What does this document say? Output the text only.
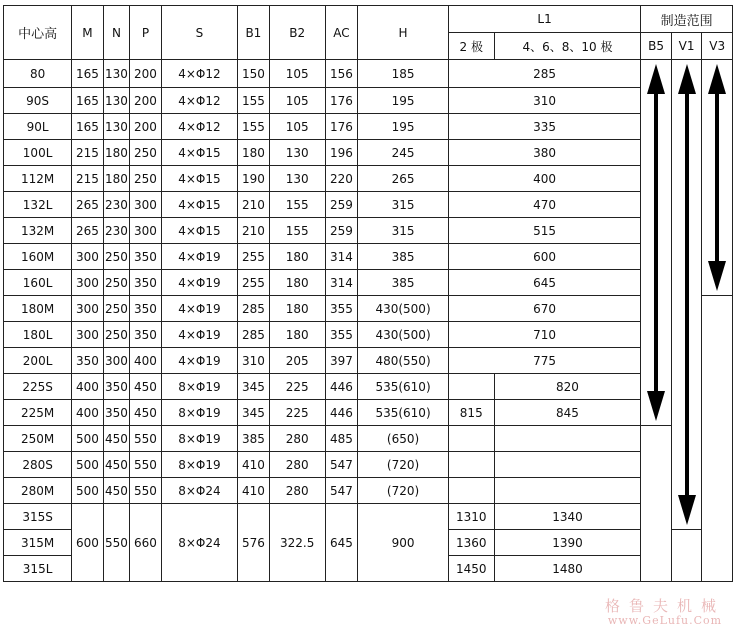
中心高	M	N	P	S	B1	B2	AC	H	L1		制造范围		
									2 极	4、6、8、10 极	B5	V1	V3
80	165	130	200	4×Φ12	150	105	156	185	285	

90S	165	130	200	4×Φ12	155	105	176	195	310				
90L	165	130	200	4×Φ12	155	105	176	195	335				
100L	215	180	250	4×Φ15	180	130	196	245	380				
112M	215	180	250	4×Φ15	190	130	220	265	400				
132L	265	230	300	4×Φ15	210	155	259	315	470				
132M	265	230	300	4×Φ15	210	155	259	315	515				
160M	300	250	350	4×Φ19	255	180	314	385	600				
160L	300	250	350	4×Φ19	255	180	314	385	645				
180M	300	250	350	4×Φ19	285	180	355	430(500)	670				
180L	300	250	350	4×Φ19	285	180	355	430(500)	710				
200L	350	300	400	4×Φ19	310	205	397	480(550)	775				
225S	400	350	450	8×Φ19	345	225	446	535(610)		820			
225M	400	350	450	8×Φ19	345	225	446	535(610)	815	845			
250M	500	450	550	8×Φ19	385	280	485	(650)					
280S	500	450	550	8×Φ19	410	280	547	(720)					
280M	500	450	550	8×Φ24	410	280	547	(720)					
315S	600	550	660	8×Φ24	576	322.5	645	900	1310	1340			
315M									1360	1390			
315L									1450	1480			
格鲁夫机械
www.GeLufu.Com
